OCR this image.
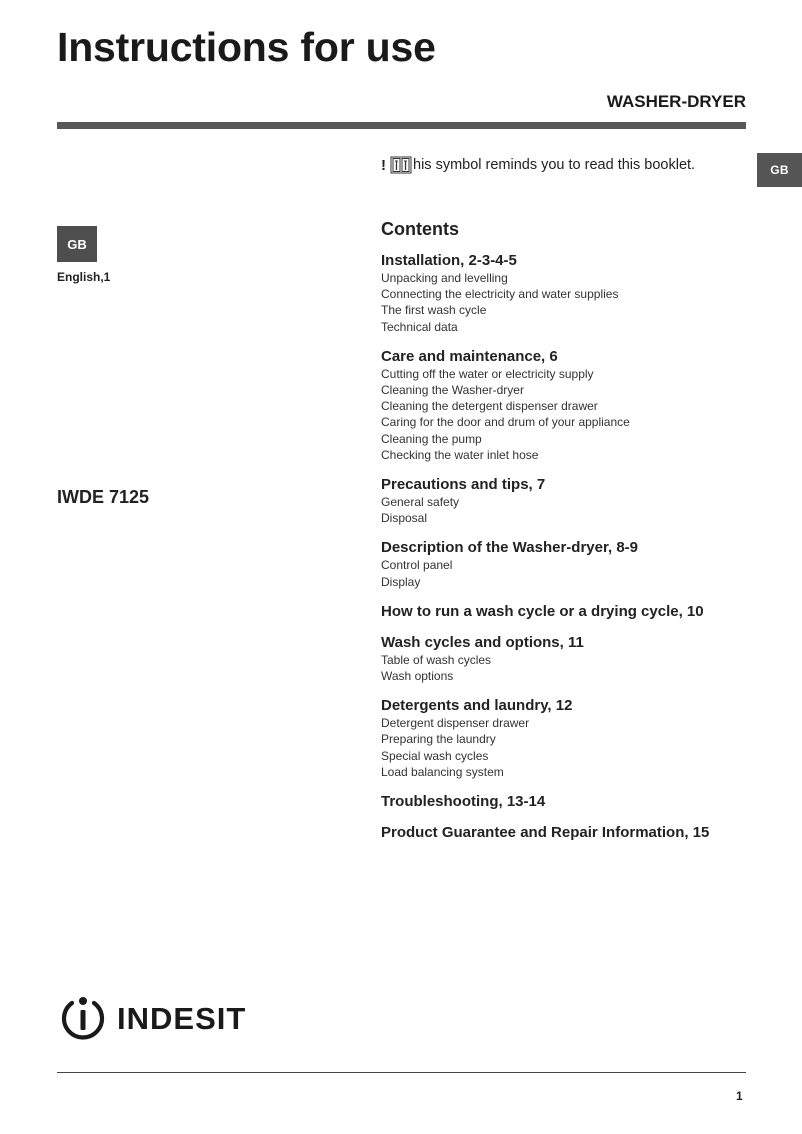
Instructions for use
WASHER-DRYER
GB
! his symbol reminds you to read this booklet.
GB
English,1
IWDE 7125
Contents
Installation, 2-3-4-5
Unpacking and levelling
Connecting the electricity and water supplies
The first wash cycle
Technical data
Care and maintenance, 6
Cutting off the water or electricity supply
Cleaning the Washer-dryer
Cleaning the detergent dispenser drawer
Caring for the door and drum of your appliance
Cleaning the pump
Checking the water inlet hose
Precautions and tips, 7
General safety
Disposal
Description of the Washer-dryer, 8-9
Control panel
Display
How to run a wash cycle or a drying cycle, 10
Wash cycles and options, 11
Table of wash cycles
Wash options
Detergents and laundry, 12
Detergent dispenser drawer
Preparing the laundry
Special wash cycles
Load balancing system
Troubleshooting, 13-14
Product Guarantee and Repair Information, 15
INDESIT
1
